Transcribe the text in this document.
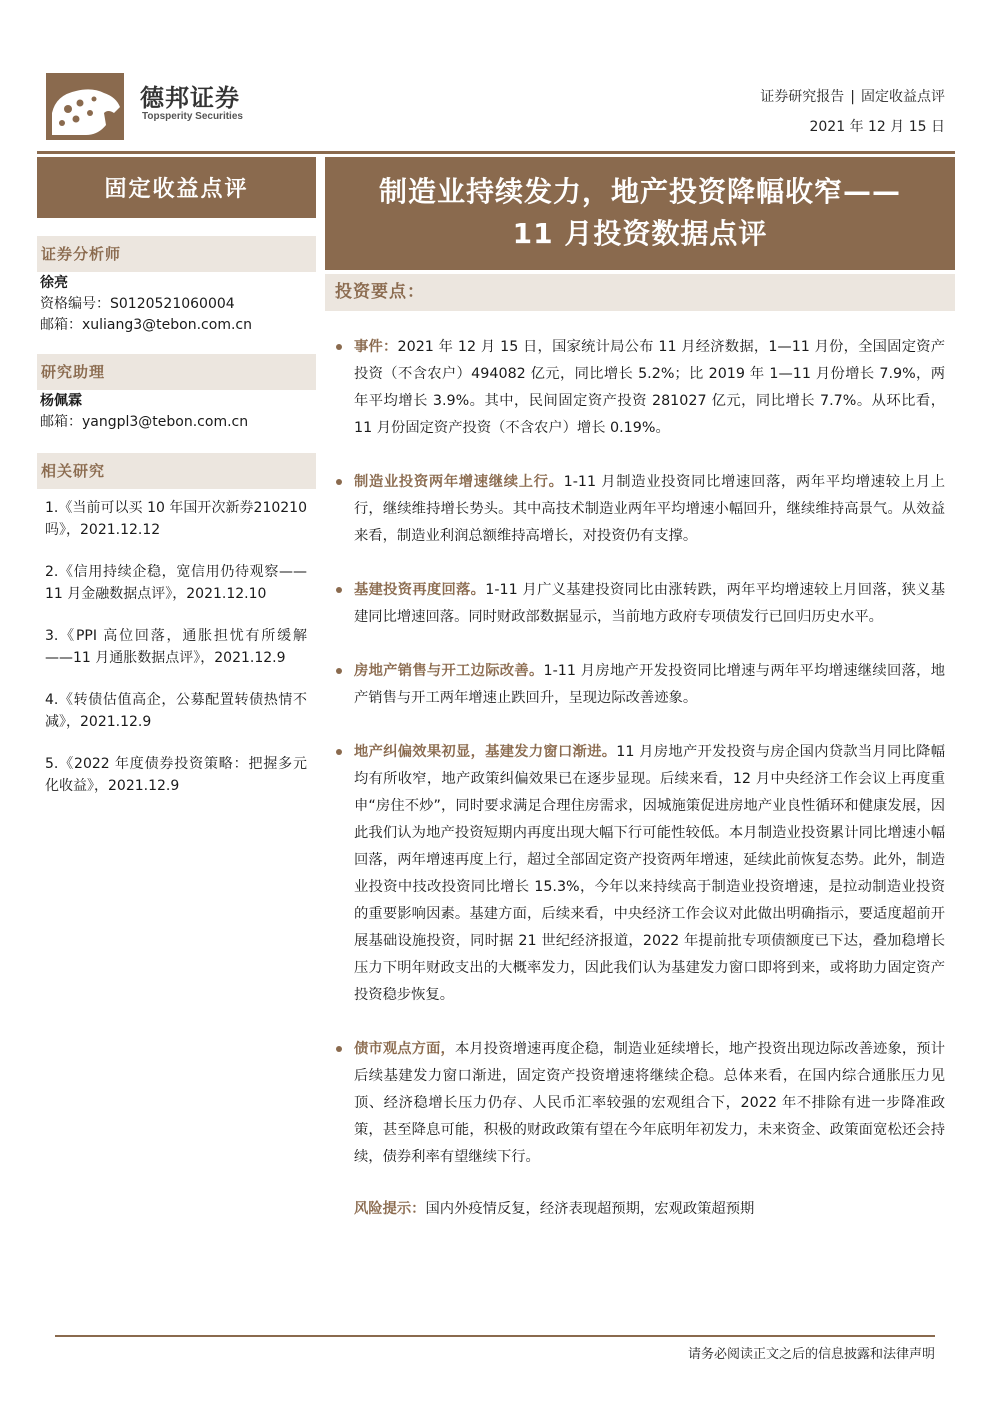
德邦证券
Topsperity Securities
证券研究报告 | 固定收益点评
2021 年 12 月 15 日
固定收益点评
证券分析师
徐亮
资格编号：S0120521060004
邮箱：xuliang3@tebon.com.cn
研究助理
杨佩霖
邮箱：yangpl3@tebon.com.cn
相关研究
1.《当前可以买 10 年国开次新券210210吗》，2021.12.12
2.《信用持续企稳，宽信用仍待观察——11 月金融数据点评》，2021.12.10
3.《PPI 高位回落，通胀担忧有所缓解——11 月通胀数据点评》，2021.12.9
4.《转债估值高企，公募配置转债热情不减》，2021.12.9
5.《2022 年度债券投资策略：把握多元化收益》，2021.12.9
制造业持续发力，地产投资降幅收窄——
11 月投资数据点评
投资要点：
事件：2021 年 12 月 15 日，国家统计局公布 11 月经济数据，1—11 月份，全国固定资产投资（不含农户）494082 亿元，同比增长 5.2%；比 2019 年 1—11 月份增长 7.9%，两年平均增长 3.9%。其中，民间固定资产投资 281027 亿元，同比增长 7.7%。从环比看，11 月份固定资产投资（不含农户）增长 0.19%。
制造业投资两年增速继续上行。1-11 月制造业投资同比增速回落，两年平均增速较上月上行，继续维持增长势头。其中高技术制造业两年平均增速小幅回升，继续维持高景气。从效益来看，制造业利润总额维持高增长，对投资仍有支撑。
基建投资再度回落。1-11 月广义基建投资同比由涨转跌，两年平均增速较上月回落，狭义基建同比增速回落。同时财政部数据显示，当前地方政府专项债发行已回归历史水平。
房地产销售与开工边际改善。1-11 月房地产开发投资同比增速与两年平均增速继续回落，地产销售与开工两年增速止跌回升，呈现边际改善迹象。
地产纠偏效果初显，基建发力窗口渐进。11 月房地产开发投资与房企国内贷款当月同比降幅均有所收窄，地产政策纠偏效果已在逐步显现。后续来看，12 月中央经济工作会议上再度重申“房住不炒”，同时要求满足合理住房需求，因城施策促进房地产业良性循环和健康发展，因此我们认为地产投资短期内再度出现大幅下行可能性较低。本月制造业投资累计同比增速小幅回落，两年增速再度上行，超过全部固定资产投资两年增速，延续此前恢复态势。此外，制造业投资中技改投资同比增长 15.3%，今年以来持续高于制造业投资增速，是拉动制造业投资的重要影响因素。基建方面，后续来看，中央经济工作会议对此做出明确指示，要适度超前开展基础设施投资，同时据 21 世纪经济报道，2022 年提前批专项债额度已下达，叠加稳增长压力下明年财政支出的大概率发力，因此我们认为基建发力窗口即将到来，或将助力固定资产投资稳步恢复。
债市观点方面，本月投资增速再度企稳，制造业延续增长，地产投资出现边际改善迹象，预计后续基建发力窗口渐进，固定资产投资增速将继续企稳。总体来看，在国内综合通胀压力见顶、经济稳增长压力仍存、人民币汇率较强的宏观组合下，2022 年不排除有进一步降准政策，甚至降息可能，积极的财政政策有望在今年底明年初发力，未来资金、政策面宽松还会持续，债券利率有望继续下行。
风险提示：国内外疫情反复，经济表现超预期，宏观政策超预期
请务必阅读正文之后的信息披露和法律声明
